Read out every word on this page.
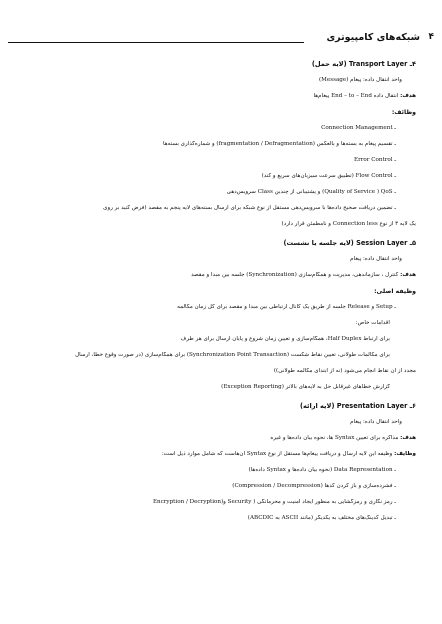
۴
شبکه‌های کامپیوتری

۴ـ Transport Layer (لایه حمل)

واحد انتقال داده: پیغام (Message)

هدف: انتقال داده End – to – End پیغام‌ها

وظائف:

ـ Connection Management

ـ تقسیم پیغام به بسته‌ها و بالعکس (fragmentation / Defragmentation) و شماره‌گذاری بسته‌ها

ـ Error Control

ـ Flow Control (تطبیق سرعت سیزبان‌های سریع و کند)

ـ Quality of Service ) QoS) و پشتیبانی از چندین Class سرویس‌دهی

ـ تضمین دریافت صحیح داده‌ها با سرویس‌دهی مستقل از نوع شبکه برای ارسال بسته‌های لایه پنجم به مقصد (فرض کنید بر روی

یک لایه ۳ از نوع Connection less و نامطمئن قرار دارد)

۵ـ Session Layer (لایه جلسه یا نشست)

واحد انتقال داده: پیغام

هدف: کنترل ، سازماندهی، مدیریت و همگام‌سازی (Synchronization) جلسه بین مبدأ و مقصد

وظیفه اصلی:

ـ Setup و Release جلسه از طریق یک کانال ارتباطی بین مبدأ و مقصد برای کل زمان مکالمه

اقدامات خاص:

برای ارتباط Half Duplex، همگام‌سازی و تعیین زمان شروع و پایان ارسال برای هر طرف

برای مکالمات طولانی، تعیین نقاط شکست (Synchronization Point Transaction) برای همگام‌سازی (در صورت وقوع خطا، ارسال

مجدد از آن نقاط انجام می‌شود (نه از ابتدای مکالمه طولانی))

گزارش خطاهای غیرقابل حل به لایه‌های بالاتر (Exception Reporting)

۶ـ Presentation Layer (لایه ارائه)

واحد انتقال داده: پیغام

هدف: مذاکره برای تعیین Syntax ها، نحوه بیان داده‌ها و غیره

وظایف: وظیفه این لایه ارسال و دریافت پیغام‌ها مستقل از نوع Syntax آن‌هاست که شامل موارد ذیل است:

ـ Data Representation (نحوه بیان داده‌ها و Syntax داده‌ها)

ـ فشرده‌سازی و باز کردن کدها (Compression / Decompression)

ـ رمز نگاری و رمزگشایی به منظور ایجاد امنیت و محرمانگی ( Security و(Encryption / Decryption

ـ تبدیل کدینگ‌های مختلف به یکدیگر (مانند ASCII به ABCDIC)
